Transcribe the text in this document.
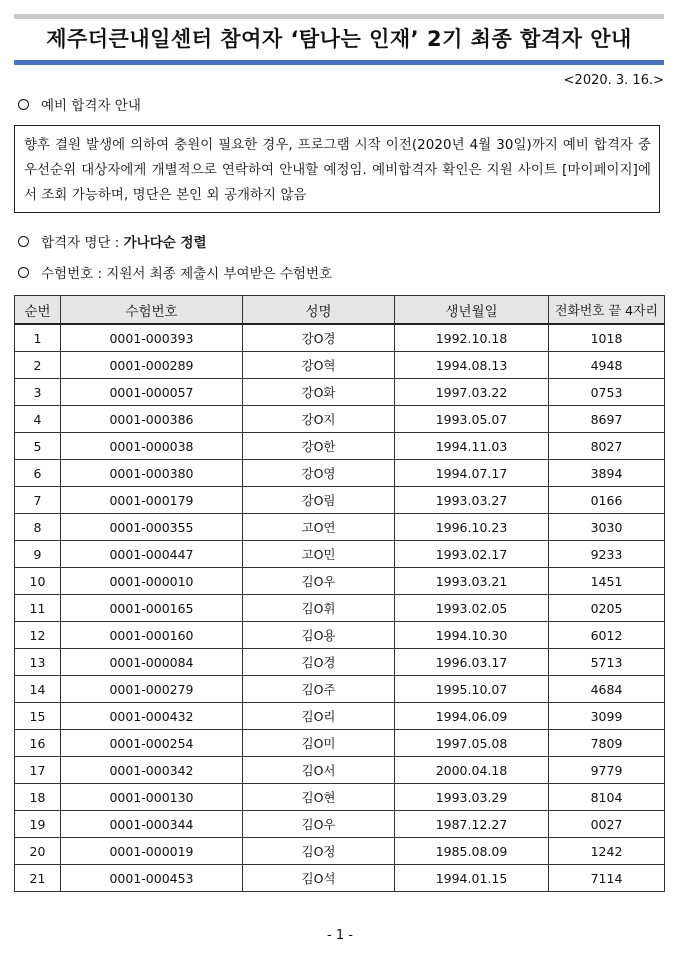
제주더큰내일센터 참여자 ‘탐나는 인재’ 2기 최종 합격자 안내
<2020. 3. 16.>
예비 합격자 안내
향후 결원 발생에 의하여 충원이 필요한 경우, 프로그램 시작 이전(2020년 4월 30일)까지 예비 합격자 중 우선순위 대상자에게 개별적으로 연락하여 안내할 예정임. 예비합격자 확인은 지원 사이트 [마이페이지]에서 조회 가능하며, 명단은 본인 외 공개하지 않음
합격자 명단 : 가나다순 정렬
수험번호 : 지원서 최종 제출시 부여받은 수험번호
순번	수험번호	성명	생년월일	전화번호 끝 4자리
1	0001-000393	강O경	1992.10.18	1018
2	0001-000289	강O혁	1994.08.13	4948
3	0001-000057	강O화	1997.03.22	0753
4	0001-000386	강O지	1993.05.07	8697
5	0001-000038	강O한	1994.11.03	8027
6	0001-000380	강O영	1994.07.17	3894
7	0001-000179	강O림	1993.03.27	0166
8	0001-000355	고O연	1996.10.23	3030
9	0001-000447	고O민	1993.02.17	9233
10	0001-000010	김O우	1993.03.21	1451
11	0001-000165	김O휘	1993.02.05	0205
12	0001-000160	김O용	1994.10.30	6012
13	0001-000084	김O경	1996.03.17	5713
14	0001-000279	김O주	1995.10.07	4684
15	0001-000432	김O리	1994.06.09	3099
16	0001-000254	김O미	1997.05.08	7809
17	0001-000342	김O서	2000.04.18	9779
18	0001-000130	김O현	1993.03.29	8104
19	0001-000344	김O우	1987.12.27	0027
20	0001-000019	김O정	1985.08.09	1242
21	0001-000453	김O석	1994.01.15	7114
- 1 -
